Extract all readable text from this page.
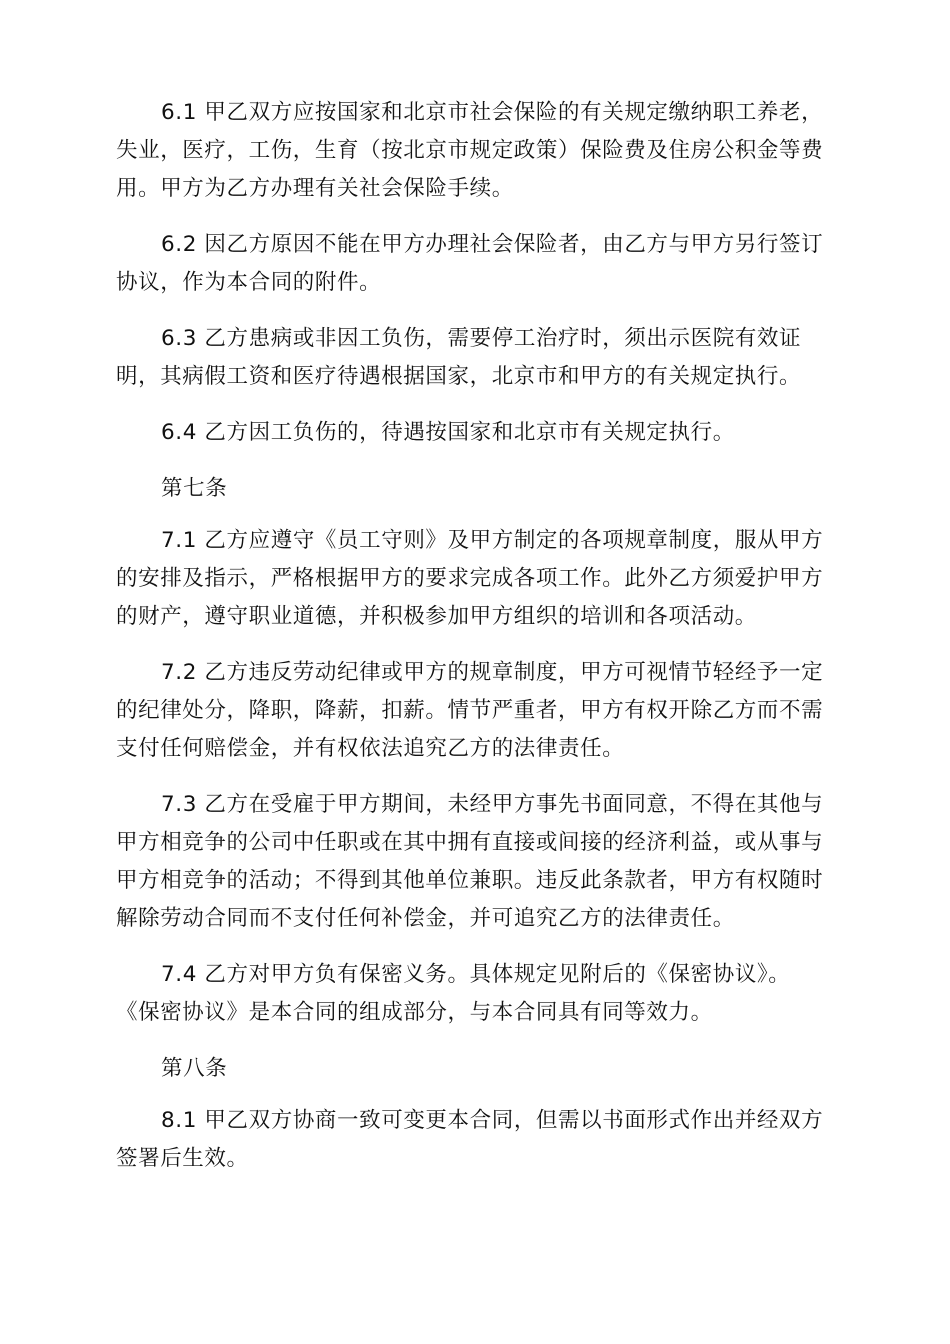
6.1 甲乙双方应按国家和北京市社会保险的有关规定缴纳职工养老，
失业，医疗，工伤，生育（按北京市规定政策）保险费及住房公积金等费
用。甲方为乙方办理有关社会保险手续。

6.2 因乙方原因不能在甲方办理社会保险者，由乙方与甲方另行签订
协议，作为本合同的附件。

6.3 乙方患病或非因工负伤，需要停工治疗时，须出示医院有效证
明，其病假工资和医疗待遇根据国家，北京市和甲方的有关规定执行。

6.4 乙方因工负伤的，待遇按国家和北京市有关规定执行。

第七条

7.1 乙方应遵守《员工守则》及甲方制定的各项规章制度，服从甲方
的安排及指示，严格根据甲方的要求完成各项工作。此外乙方须爱护甲方
的财产，遵守职业道德，并积极参加甲方组织的培训和各项活动。

7.2 乙方违反劳动纪律或甲方的规章制度，甲方可视情节轻经予一定
的纪律处分，降职，降薪，扣薪。情节严重者，甲方有权开除乙方而不需
支付任何赔偿金，并有权依法追究乙方的法律责任。

7.3 乙方在受雇于甲方期间，未经甲方事先书面同意，不得在其他与
甲方相竞争的公司中任职或在其中拥有直接或间接的经济利益，或从事与
甲方相竞争的活动；不得到其他单位兼职。违反此条款者，甲方有权随时
解除劳动合同而不支付任何补偿金，并可追究乙方的法律责任。

7.4 乙方对甲方负有保密义务。具体规定见附后的《保密协议》。
《保密协议》是本合同的组成部分，与本合同具有同等效力。

第八条

8.1 甲乙双方协商一致可变更本合同，但需以书面形式作出并经双方
签署后生效。
